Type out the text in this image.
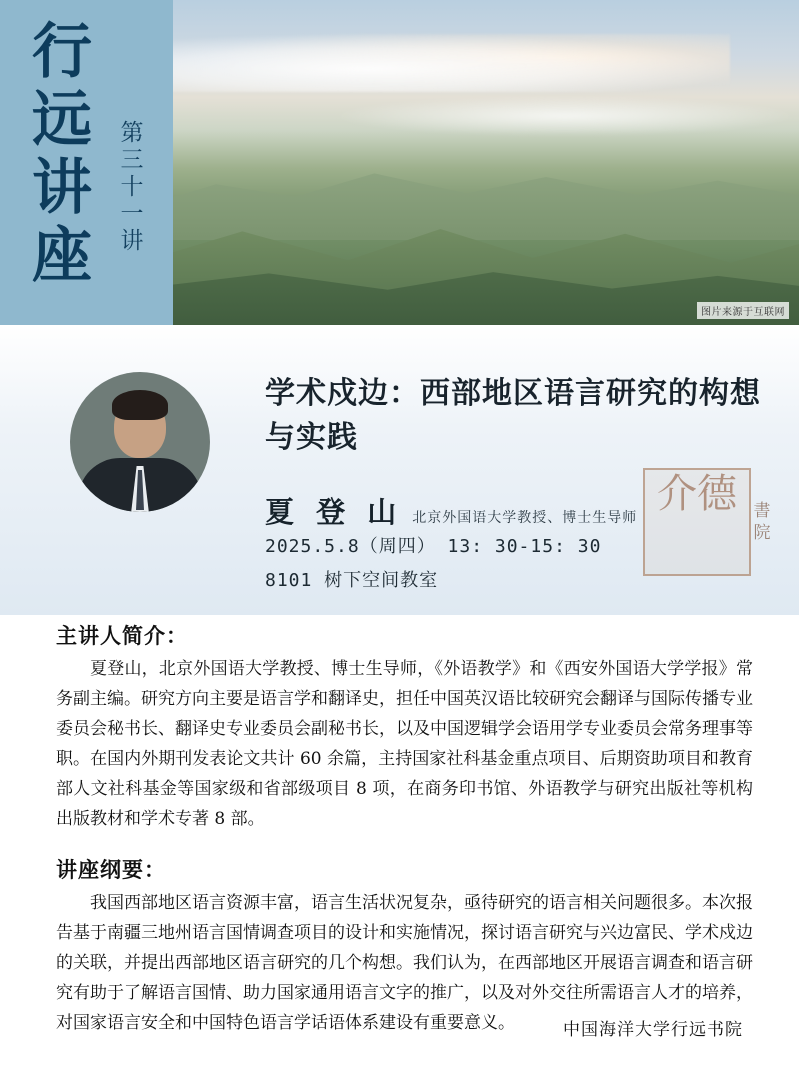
图片来源于互联网
行
远
讲
座
第
三
十
一
讲
学术戍边：西部地区语言研究的构想与实践
夏 登 山 北京外国语大学教授、博士生导师
2025.5.8（周四） 13: 30-15: 30
8101 树下空间教室
介德 書
院
主讲人简介：
夏登山，北京外国语大学教授、博士生导师，《外语教学》和《西安外国语大学学报》常务副主编。研究方向主要是语言学和翻译史，担任中国英汉语比较研究会翻译与国际传播专业委员会秘书长、翻译史专业委员会副秘书长，以及中国逻辑学会语用学专业委员会常务理事等职。在国内外期刊发表论文共计 60 余篇，主持国家社科基金重点项目、后期资助项目和教育部人文社科基金等国家级和省部级项目 8 项，在商务印书馆、外语教学与研究出版社等机构出版教材和学术专著 8 部。
讲座纲要：
我国西部地区语言资源丰富，语言生活状况复杂，亟待研究的语言相关问题很多。本次报告基于南疆三地州语言国情调查项目的设计和实施情况，探讨语言研究与兴边富民、学术戍边的关联，并提出西部地区语言研究的几个构想。我们认为，在西部地区开展语言调查和语言研究有助于了解语言国情、助力国家通用语言文字的推广，以及对外交往所需语言人才的培养，对国家语言安全和中国特色语言学话语体系建设有重要意义。	中国海洋大学行远书院
